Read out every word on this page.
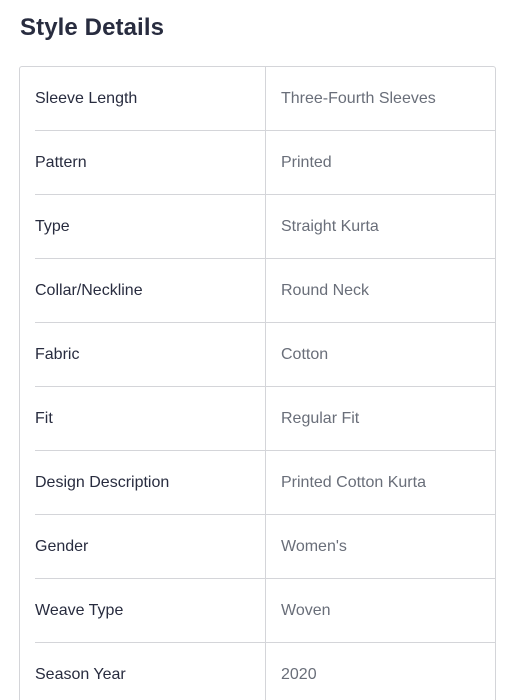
Style Details
Sleeve Length	Three-Fourth Sleeves
Pattern	Printed
Type	Straight Kurta
Collar/Neckline	Round Neck
Fabric	Cotton
Fit	Regular Fit
Design Description	Printed Cotton Kurta
Gender	Women's
Weave Type	Woven
Season Year	2020
